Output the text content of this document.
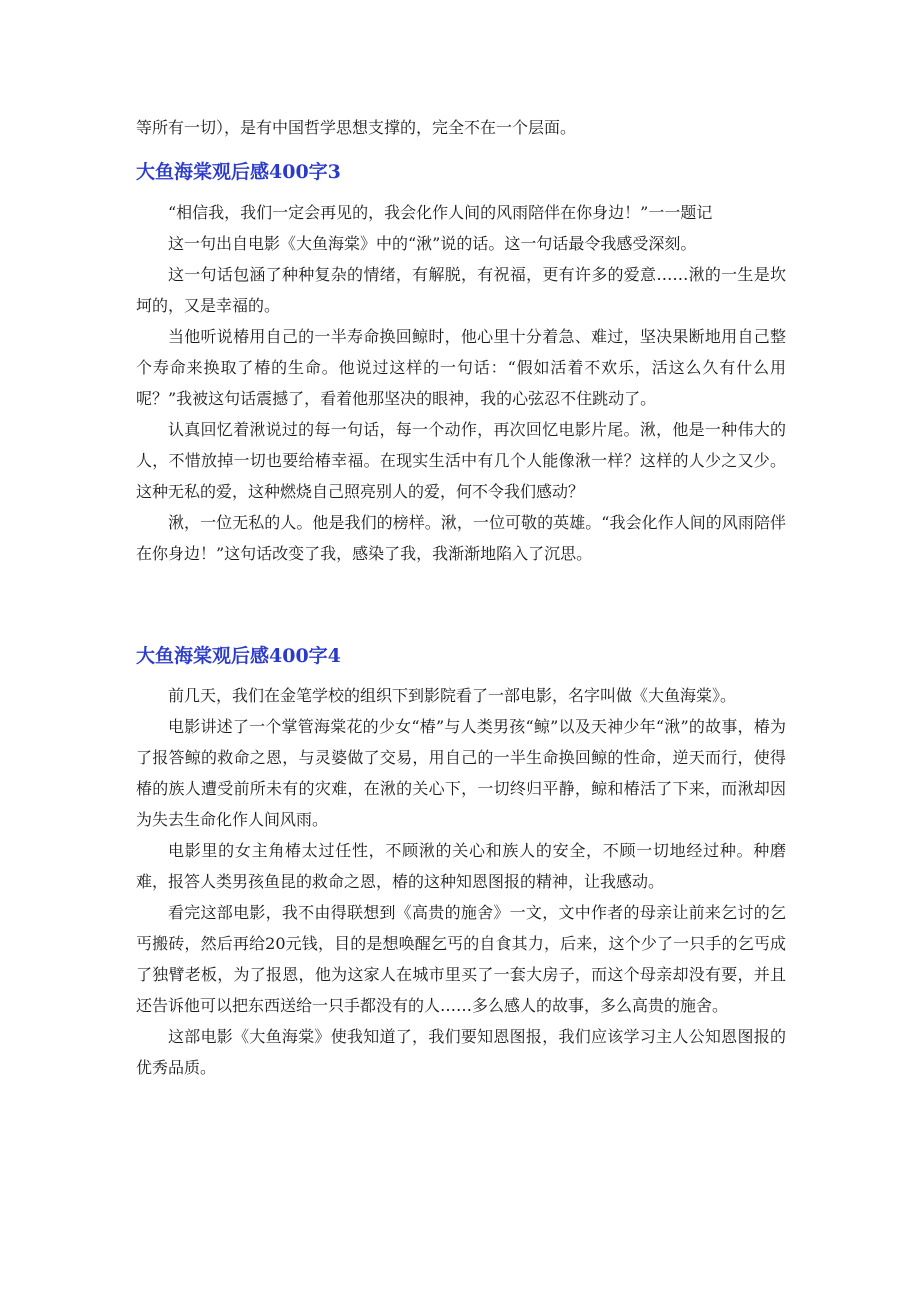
等所有一切），是有中国哲学思想支撑的，完全不在一个层面。

大鱼海棠观后感400字3

“相信我，我们一定会再见的，我会化作人间的风雨陪伴在你身边！”一一题记

这一句出自电影《大鱼海棠》中的“湫”说的话。这一句话最令我感受深刻。

这一句话包涵了种种复杂的情绪，有解脱，有祝福，更有许多的爱意……湫的一生是坎坷的，又是幸福的。

当他听说椿用自己的一半寿命换回鲸时，他心里十分着急、难过，坚决果断地用自己整个寿命来换取了椿的生命。他说过这样的一句话：“假如活着不欢乐，活这么久有什么用呢？”我被这句话震撼了，看着他那坚决的眼神，我的心弦忍不住跳动了。

认真回忆着湫说过的每一句话，每一个动作，再次回忆电影片尾。湫，他是一种伟大的人，不惜放掉一切也要给椿幸福。在现实生活中有几个人能像湫一样？这样的人少之又少。这种无私的爱，这种燃烧自己照亮别人的爱，何不令我们感动？

湫，一位无私的人。他是我们的榜样。湫，一位可敬的英雄。“我会化作人间的风雨陪伴在你身边！”这句话改变了我，感染了我，我渐渐地陷入了沉思。

大鱼海棠观后感400字4

前几天，我们在金笔学校的组织下到影院看了一部电影，名字叫做《大鱼海棠》。

电影讲述了一个掌管海棠花的少女“椿”与人类男孩“鲸”以及天神少年“湫”的故事，椿为了报答鲸的救命之恩，与灵婆做了交易，用自己的一半生命换回鲸的性命，逆天而行，使得椿的族人遭受前所未有的灾难，在湫的关心下，一切终归平静，鲸和椿活了下来，而湫却因为失去生命化作人间风雨。

电影里的女主角椿太过任性，不顾湫的关心和族人的安全，不顾一切地经过种。种磨难，报答人类男孩鱼昆的救命之恩，椿的这种知恩图报的精神，让我感动。

看完这部电影，我不由得联想到《高贵的施舍》一文，文中作者的母亲让前来乞讨的乞丐搬砖，然后再给20元钱，目的是想唤醒乞丐的自食其力，后来，这个少了一只手的乞丐成了独臂老板，为了报恩，他为这家人在城市里买了一套大房子，而这个母亲却没有要，并且还告诉他可以把东西送给一只手都没有的人……多么感人的故事，多么高贵的施舍。

这部电影《大鱼海棠》使我知道了，我们要知恩图报，我们应该学习主人公知恩图报的优秀品质。
